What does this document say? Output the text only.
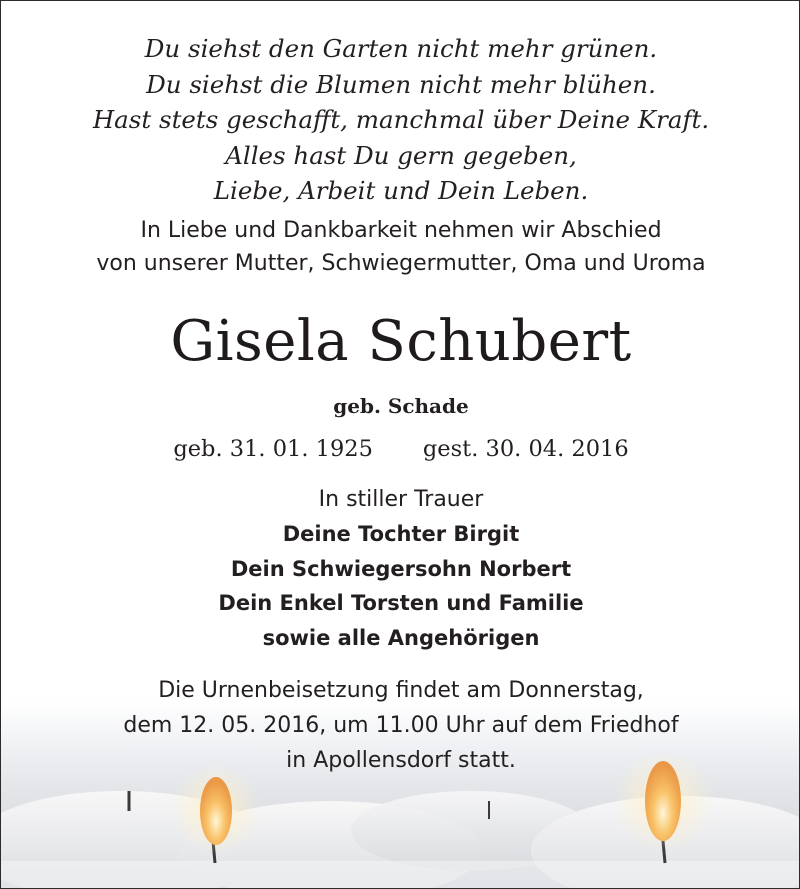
Du siehst den Garten nicht mehr grünen.
Du siehst die Blumen nicht mehr blühen.
Hast stets geschafft, manchmal über Deine Kraft.
Alles hast Du gern gegeben,
Liebe, Arbeit und Dein Leben.
In Liebe und Dankbarkeit nehmen wir Abschied
von unserer Mutter, Schwiegermutter, Oma und Uroma
Gisela Schubert
geb. Schade
geb. 31. 01. 1925 gest. 30. 04. 2016
In stiller Trauer
Deine Tochter Birgit
Dein Schwiegersohn Norbert
Dein Enkel Torsten und Familie
sowie alle Angehörigen
Die Urnenbeisetzung findet am Donnerstag,
dem 12. 05. 2016, um 11.00 Uhr auf dem Friedhof
in Apollensdorf statt.
